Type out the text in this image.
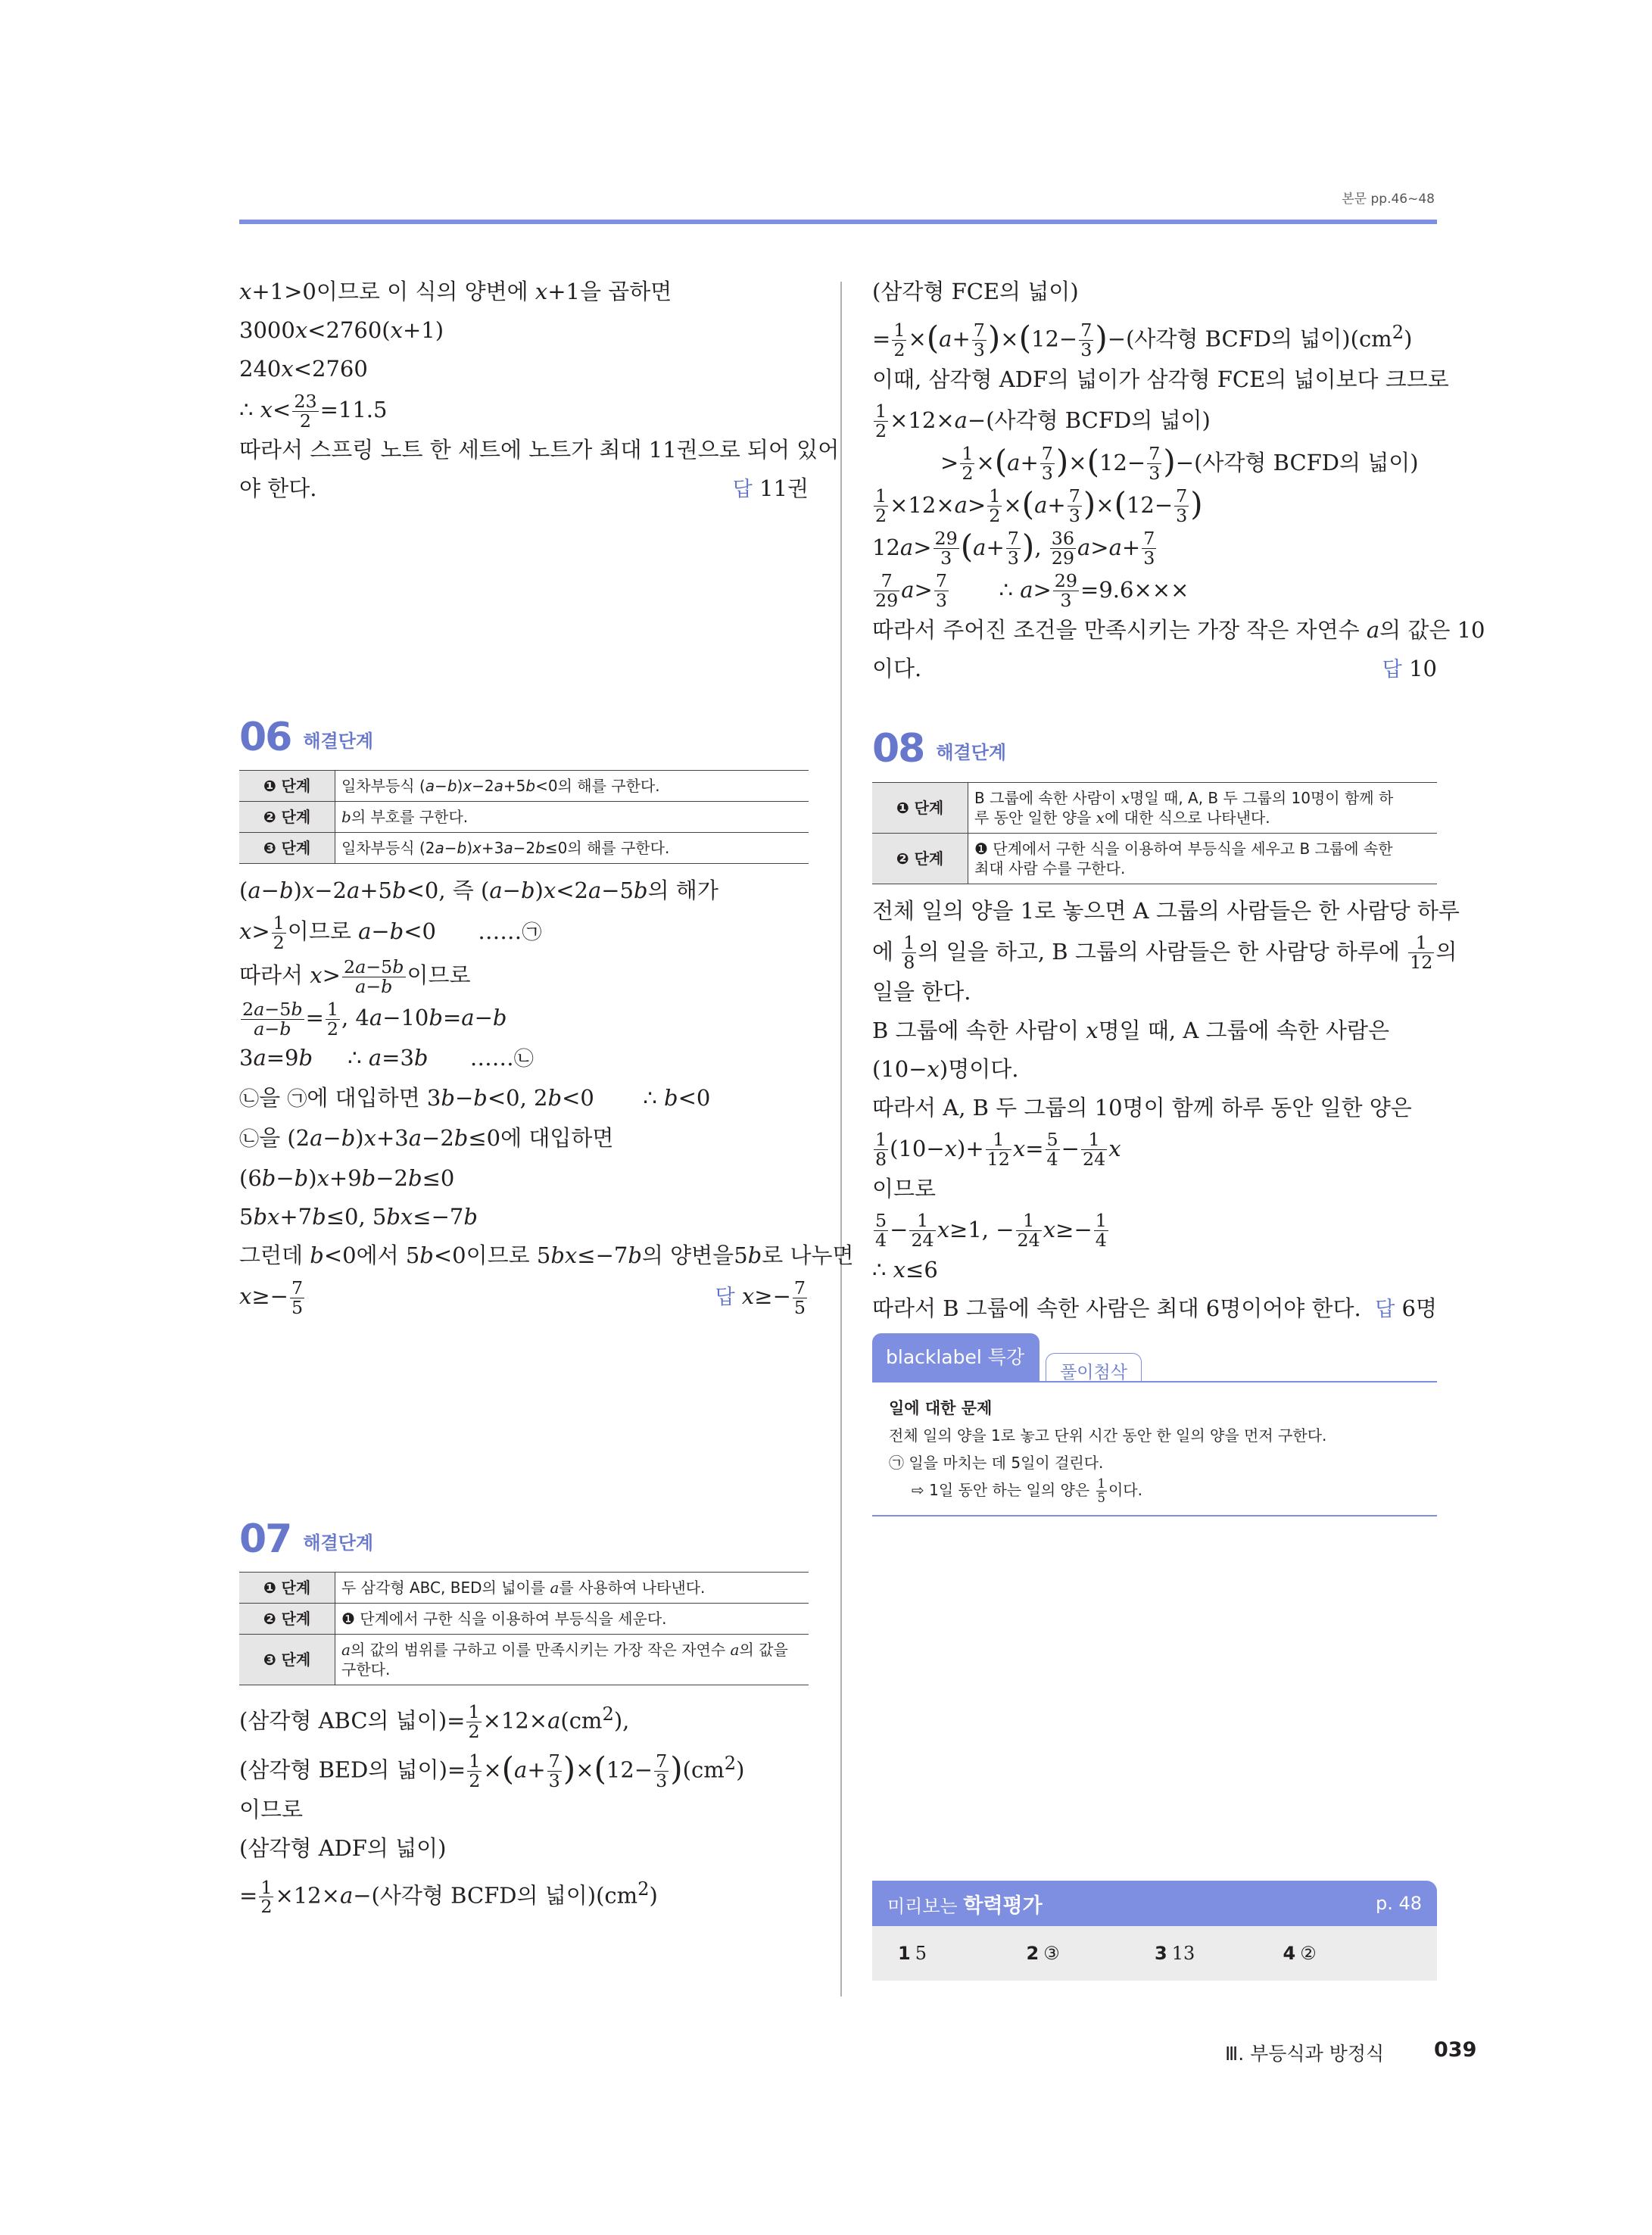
본문 pp.46~48
x+1>0이므로 이 식의 양변에 x+1을 곱하면
3000x<2760(x+1)
240x<2760
∴ $x< \frac{23}{2} =11.5$
따라서 스프링 노트 한 세트에 노트가 최대 11권으로 되어 있어
야 한다.	답 11권
06 해결단계
❶ 단계	일차부등식 (a−b)x−2a+5b<0의 해를 구한다.
❷ 단계	b의 부호를 구한다.
❸ 단계	일차부등식 (2a−b)x+3a−2b≤0의 해를 구한다.
(a−b)x−2a+5b<0, 즉 (a−b)x<2a−5b의 해가
$x> \frac{1}{2}$ 이므로 a−b<0      ……㉠
따라서 $x> \frac{2a-5b}{a-b}$ 이므로
$\frac{2a-5b}{a-b} = \frac{1}{2}$ , 4a−10b=a−b
3a=9b     ∴ a=3b      ……㉡
㉡을 ㉠에 대입하면 3b−b<0, 2b<0       ∴ b<0
㉡을 (2a−b)x+3a−2b≤0에 대입하면
(6b−b)x+9b−2b≤0
5bx+7b≤0, 5bx≤−7b
그런데 b<0에서 5b<0이므로 5bx≤−7b의 양변을5b로 나누면
$x\ge- \frac{7}{5}$	답 $x\ge- \frac{7}{5}$
07 해결단계
❶ 단계	두 삼각형 ABC, BED의 넓이를 a를 사용하여 나타낸다.
❷ 단계	❶ 단계에서 구한 식을 이용하여 부등식을 세운다.
❸ 단계	a의 값의 범위를 구하고 이를 만족시키는 가장 작은 자연수 a의 값을 구한다.
(삼각형 ABC의 넓이)= $\frac{1}{2} \times 12\times a(cm^2)$,
(삼각형 BED의 넓이)= $\frac{1}{2} \times(a+ \frac{7}{3} )\times(12- \frac{7}{3} )(cm^2)$
이므로
(삼각형 ADF의 넓이)
= $\frac{1}{2} \times 12\times a-$(사각형 BCFD의 넓이)$(cm^2)$
(삼각형 FCE의 넓이)
= $\frac{1}{2} \times(a+ \frac{7}{3} )\times(12- \frac{7}{3}$ )−(사각형 BCFD의 넓이)$(cm^2)$
이때, 삼각형 ADF의 넓이가 삼각형 FCE의 넓이보다 크므로
$\frac{1}{2} \times 12\times a-$(사각형 BCFD의 넓이)
> $\frac{1}{2} \times(a+ \frac{7}{3} )\times(12- \frac{7}{3}$ )−(사각형 BCFD의 넓이)
$\frac{1}{2} \times 12\times a> \frac{1}{2} \times(a+ \frac{7}{3} )\times(12- \frac{7}{3}$ )
$12a> \frac{29}{3} (a+ \frac{7}{3}$ ), $\frac{36}{29} a>a+ \frac{7}{3}$
$\frac{7}{29} a> \frac{7}{3}$ ∴ $a> \frac{29}{3} =9.6\times\times\times$
따라서 주어진 조건을 만족시키는 가장 작은 자연수 a의 값은 10
이다.	답 10
08 해결단계
❶ 단계	B 그룹에 속한 사람이 x명일 때, A, B 두 그룹의 10명이 함께 하
루 동안 일한 양을 x에 대한 식으로 나타낸다.
❷ 단계	❶ 단계에서 구한 식을 이용하여 부등식을 세우고 B 그룹에 속한
최대 사람 수를 구한다.
전체 일의 양을 1로 놓으면 A 그룹의 사람들은 한 사람당 하루
에 $\frac{1}{8}$ 의 일을 하고, B 그룹의 사람들은 한 사람당 하루에 $\frac{1}{12}$ 의
일을 한다.
B 그룹에 속한 사람이 x명일 때, A 그룹에 속한 사람은
(10−x)명이다.
따라서 A, B 두 그룹의 10명이 함께 하루 동안 일한 양은
$\frac{1}{8} (10-x)+ \frac{1}{12} x= \frac{5}{4} - \frac{1}{24}$ x
이므로
$\frac{5}{4} - \frac{1}{24} x\ge 1$, − $\frac{1}{24} x\ge- \frac{1}{4}$
∴ x≤6
따라서 B 그룹에 속한 사람은 최대 6명이어야 한다. 답 6명
blacklabel 특강
풀이첨삭
일에 대한 문제
전체 일의 양을 1로 놓고 단위 시간 동안 한 일의 양을 먼저 구한다.
㉠ 일을 마치는 데 5일이 걸린다.
⇨ 1일 동안 하는 일의 양은 $\frac{1}{5}$ 이다.
미리보는 학력평가	p. 48
1 5	2 ③	3 13	4 ②
Ⅲ. 부등식과 방정식 039
